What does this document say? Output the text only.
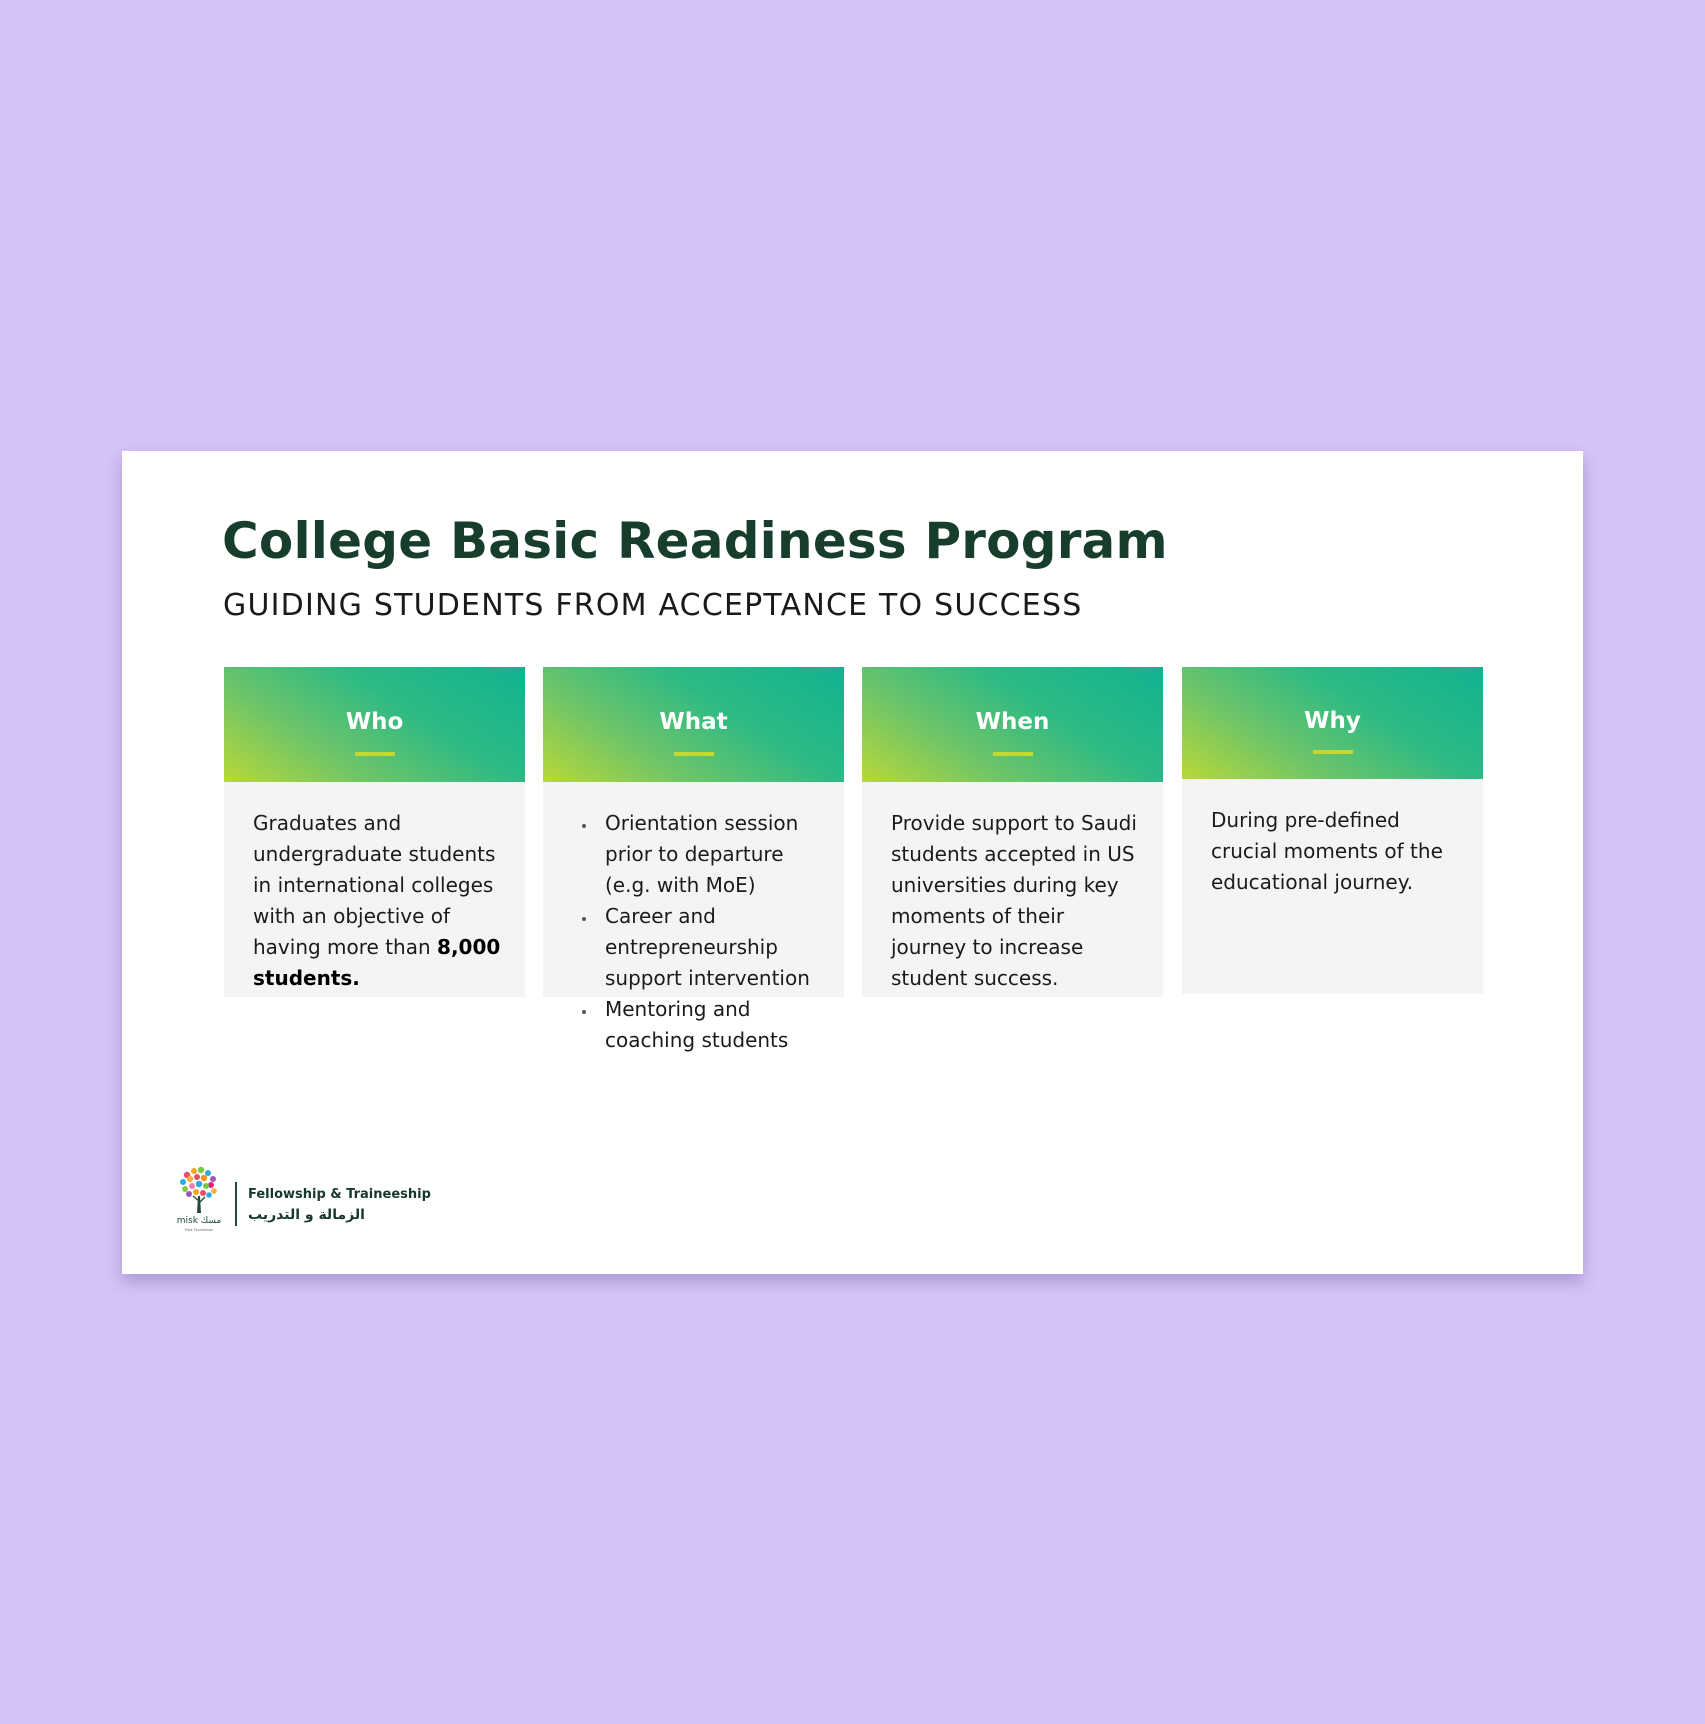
College Basic Readiness Program
GUIDING STUDENTS FROM ACCEPTANCE TO SUCCESS
Who
Graduates and undergraduate students in international colleges with an objective of having more than 8,000 students.
What
• Orientation session prior to departure (e.g. with MoE)
• Career and entrepreneurship support intervention
• Mentoring and coaching students
When
Provide support to Saudi students accepted in US universities during key moments of their journey to increase student success.
Why
During pre-defined crucial moments of the educational journey.
misk مسك
Misk Foundation
Fellowship & Traineeship
الزمالة و التدريب
